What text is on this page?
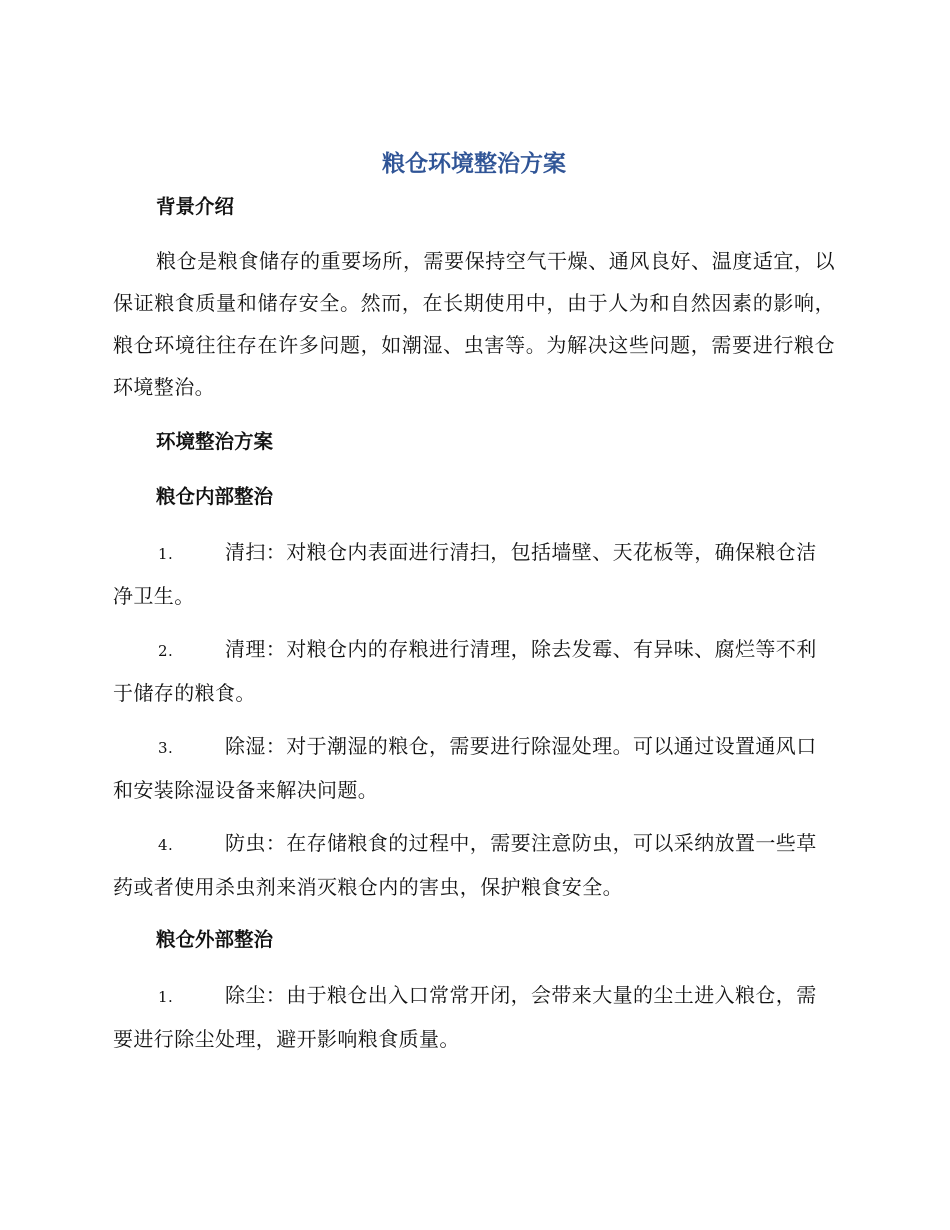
粮仓环境整治方案
背景介绍

粮仓是粮食储存的重要场所，需要保持空气干燥、通风良好、温度适宜，以保证粮食质量和储存安全。然而，在长期使用中，由于人为和自然因素的影响，粮仓环境往往存在许多问题，如潮湿、虫害等。为解决这些问题，需要进行粮仓环境整治。

环境整治方案
粮仓内部整治

1.	清扫：对粮仓内表面进行清扫，包括墙壁、天花板等，确保粮仓洁净卫生。

2.	清理：对粮仓内的存粮进行清理，除去发霉、有异味、腐烂等不利于储存的粮食。

3.	除湿：对于潮湿的粮仓，需要进行除湿处理。可以通过设置通风口和安装除湿设备来解决问题。

4.	防虫：在存储粮食的过程中，需要注意防虫，可以采纳放置一些草药或者使用杀虫剂来消灭粮仓内的害虫，保护粮食安全。

粮仓外部整治

1.	除尘：由于粮仓出入口常常开闭，会带来大量的尘土进入粮仓，需要进行除尘处理，避开影响粮食质量。
